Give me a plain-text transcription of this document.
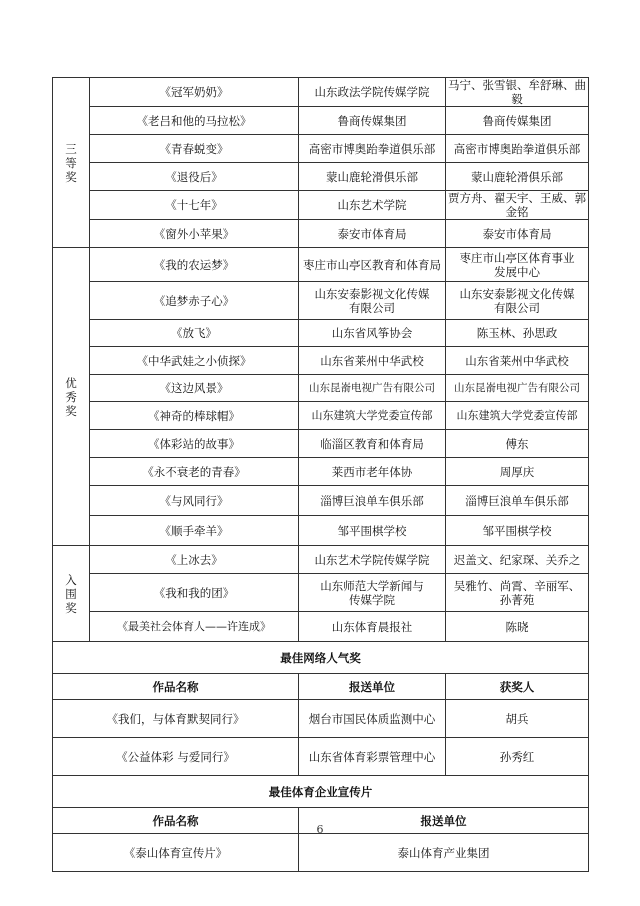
三
等
奖	《冠军奶奶》	山东政法学院传媒学院	马宁、张雪银、牟舒琳、曲毅
	《老吕和他的马拉松》	鲁商传媒集团	鲁商传媒集团
	《青春蜕变》	高密市博奥跆拳道俱乐部	高密市博奥跆拳道俱乐部
	《退役后》	蒙山鹿轮滑俱乐部	蒙山鹿轮滑俱乐部
	《十七年》	山东艺术学院	贾方舟、翟天宇、王威、郭金铭
	《窗外小苹果》	泰安市体育局	泰安市体育局
优
秀
奖	《我的农运梦》	枣庄市山亭区教育和体育局	枣庄市山亭区体育事业
发展中心
	《追梦赤子心》	山东安泰影视文化传媒
有限公司	山东安泰影视文化传媒
有限公司
	《放飞》	山东省风筝协会	陈玉林、孙思政
	《中华武娃之小侦探》	山东省莱州中华武校	山东省莱州中华武校
	《这边风景》	山东昆嵛电视广告有限公司	山东昆嵛电视广告有限公司
	《神奇的棒球帽》	山东建筑大学党委宣传部	山东建筑大学党委宣传部
	《体彩站的故事》	临淄区教育和体育局	傅东
	《永不衰老的青春》	莱西市老年体协	周厚庆
	《与风同行》	淄博巨浪单车俱乐部	淄博巨浪单车俱乐部
	《顺手牵羊》	邹平围棋学校	邹平围棋学校
入
围
奖	《上冰去》	山东艺术学院传媒学院	迟盖文、纪家琛、关乔之
	《我和我的团》	山东师范大学新闻与
传媒学院	吴雅竹、尚霄、辛丽军、
孙菁苑
	《最美社会体育人——许连成》	山东体育晨报社	陈晓
最佳网络人气奖			
作品名称		报送单位	获奖人
《我们，与体育默契同行》		烟台市国民体质监测中心	胡兵
《公益体彩 与爱同行》		山东省体育彩票管理中心	孙秀红
最佳体育企业宣传片			
作品名称		报送单位	
《泰山体育宣传片》		泰山体育产业集团	
6
